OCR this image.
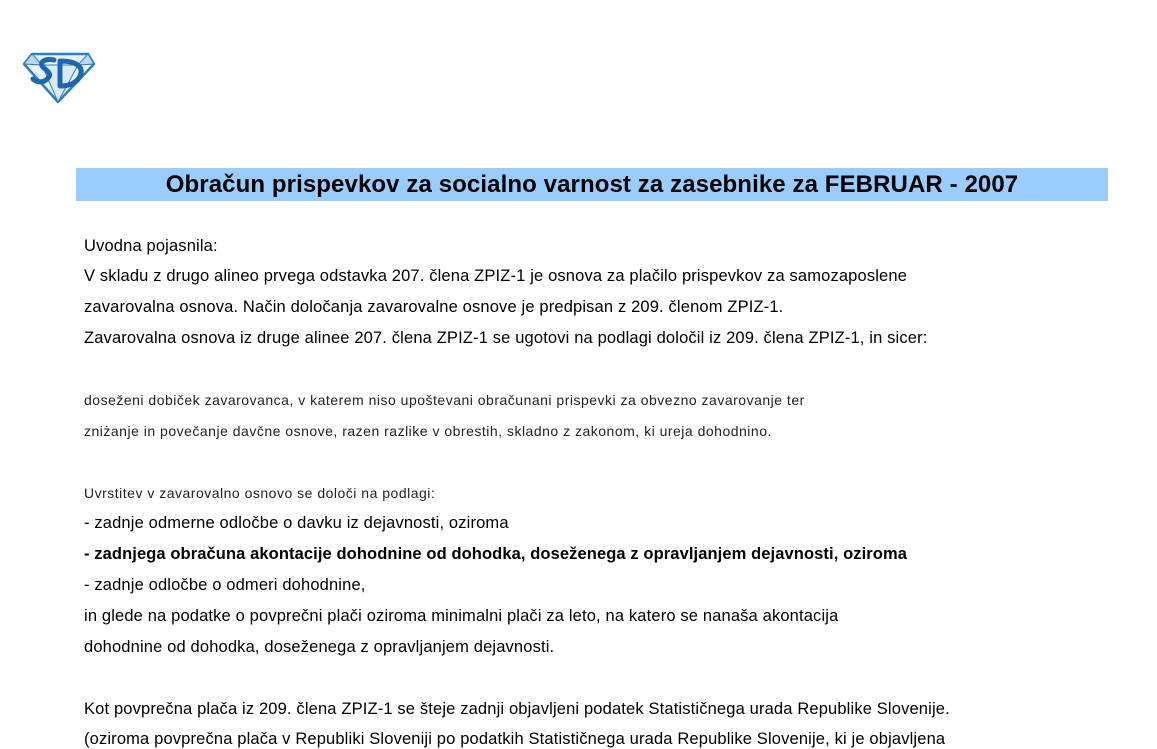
Obračun prispevkov za socialno varnost za zasebnike za FEBRUAR - 2007
Uvodna pojasnila:
V skladu z drugo alineo prvega odstavka 207. člena ZPIZ-1 je osnova za plačilo prispevkov za samozaposlene
zavarovalna osnova. Način določanja zavarovalne osnove je predpisan z 209. členom ZPIZ-1.
Zavarovalna osnova iz druge alinee 207. člena ZPIZ-1 se ugotovi na podlagi določil iz 209. člena ZPIZ-1, in sicer:
doseženi dobiček zavarovanca, v katerem niso upoštevani obračunani prispevki za obvezno zavarovanje ter
zniżanje in povečanje davčne osnove, razen razlike v obrestih, skladno z zakonom, ki ureja dohodnino.
Uvrstitev v zavarovalno osnovo se določi na podlagi:
- zadnje odmerne odločbe o davku iz dejavnosti, oziroma
- zadnjega obračuna akontacije dohodnine od dohodka, doseženega z opravljanjem dejavnosti, oziroma
- zadnje odločbe o odmeri dohodnine,
in glede na podatke o povprečni plači oziroma minimalni plači za leto, na katero se nanaša akontacija
dohodnine od dohodka, doseženega z opravljanjem dejavnosti.
Kot povprečna plača iz 209. člena ZPIZ-1 se šteje zadnji objavljeni podatek Statističnega urada Republike Slovenije.
(oziroma povprečna plača v Republiki Sloveniji po podatkih Statističnega urada Republike Slovenije, ki je objavljena
